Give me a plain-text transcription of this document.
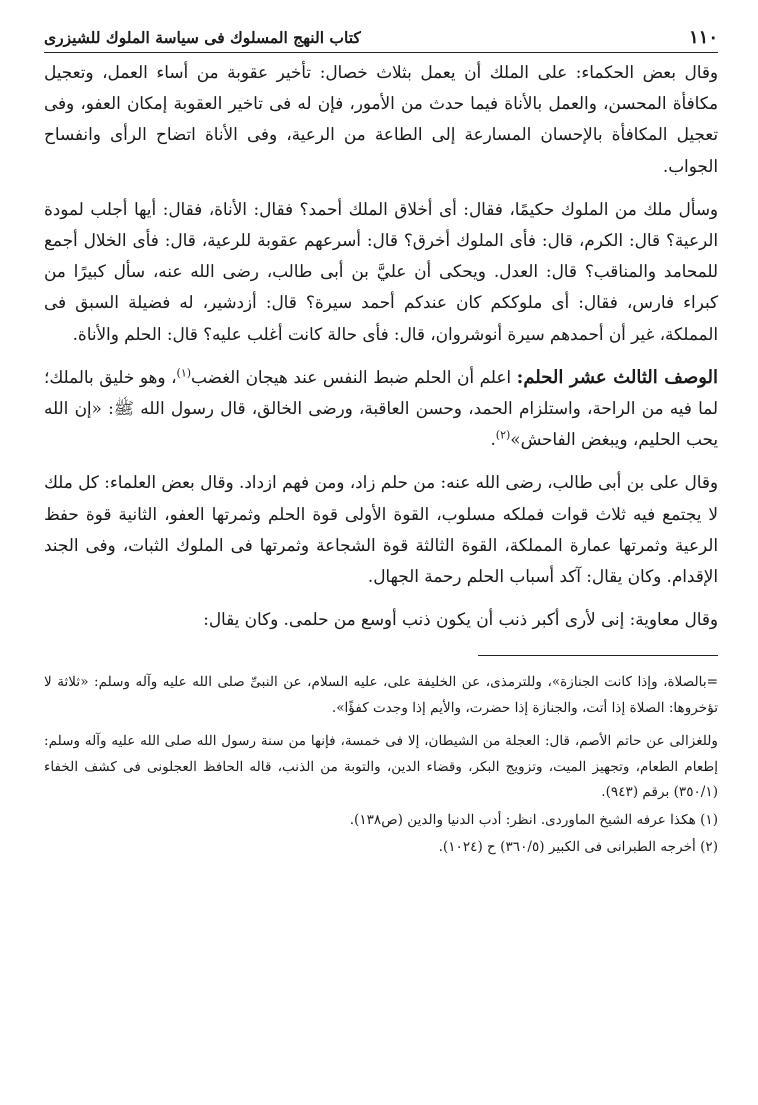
١١٠
كتاب النهج المسلوك فى سياسة الملوك للشيزرى

وقال بعض الحكماء: على الملك أن يعمل بثلاث خصال: تأخير عقوبة من أساء العمل، وتعجيل مكافأة المحسن، والعمل بالأناة فيما حدث من الأمور، فإن له فى تاخير العقوبة إمكان العفو، وفى تعجيل المكافأة بالإحسان المسارعة إلى الطاعة من الرعية، وفى الأناة اتضاح الرأى وانفساح الجواب.

وسأل ملك من الملوك حكيمًا، فقال: أى أخلاق الملك أحمد؟ فقال: الأناة، فقال: أيها أجلب لمودة الرعية؟ قال: الكرم، قال: فأى الملوك أخرق؟ قال: أسرعهم عقوبة للرعية، قال: فأى الخلال أجمع للمحامد والمناقب؟ قال: العدل. ويحكى أن عليَّ بن أبى طالب، رضى الله عنه، سأل كبيرًا من كبراء فارس، فقال: أى ملوككم كان عندكم أحمد سيرة؟ قال: أزدشير، له فضيلة السبق فى المملكة، غير أن أحمدهم سيرة أنوشروان، قال: فأى حالة كانت أغلب عليه؟ قال: الحلم والأناة.

الوصف الثالث عشر الحلم: اعلم أن الحلم ضبط النفس عند هيجان الغضب$^{(١)}$، وهو خليق بالملك؛ لما فيه من الراحة، واستلزام الحمد، وحسن العاقبة، ورضى الخالق، قال رسول الله ﷺ: «إن الله يحب الحليم، ويبغض الفاحش»$^{(٢)}$.

وقال على بن أبى طالب، رضى الله عنه: من حلم زاد، ومن فهم ازداد. وقال بعض العلماء: كل ملك لا يجتمع فيه ثلاث قوات فملكه مسلوب، القوة الأولى قوة الحلم وثمرتها العفو، الثانية قوة حفظ الرعية وثمرتها عمارة المملكة، القوة الثالثة قوة الشجاعة وثمرتها فى الملوك الثبات، وفى الجند الإقدام. وكان يقال: آكد أسباب الحلم رحمة الجهال.

وقال معاوية: إنى لأرى أكبر ذنب أن يكون ذنب أوسع من حلمى. وكان يقال:

=بالصلاة، وإذا كانت الجنازة»، وللترمذى، عن الخليفة على، عليه السلام، عن النبىِّ صلى الله عليه وآله وسلم: «ثلاثة لا تؤخروها: الصلاة إذا أتت، والجنازة إذا حضرت، والأيم إذا وجدت كفؤًا».

وللغزالى عن حاتم الأصم، قال: العجلة من الشيطان، إلا فى خمسة، فإنها من سنة رسول الله صلى الله عليه وآله وسلم: إطعام الطعام، وتجهيز الميت، وتزويج البكر، وقضاء الدين، والتوبة من الذنب، قاله الحافظ العجلونى فى كشف الخفاء (٣٥٠/١) برقم (٩٤٣).

(١) هكذا عرفه الشيخ الماوردى. انظر: أدب الدنيا والدين (ص١٣٨).

(٢) أخرجه الطبرانى فى الكبير (٣٦٠/٥) ح (١٠٢٤).
